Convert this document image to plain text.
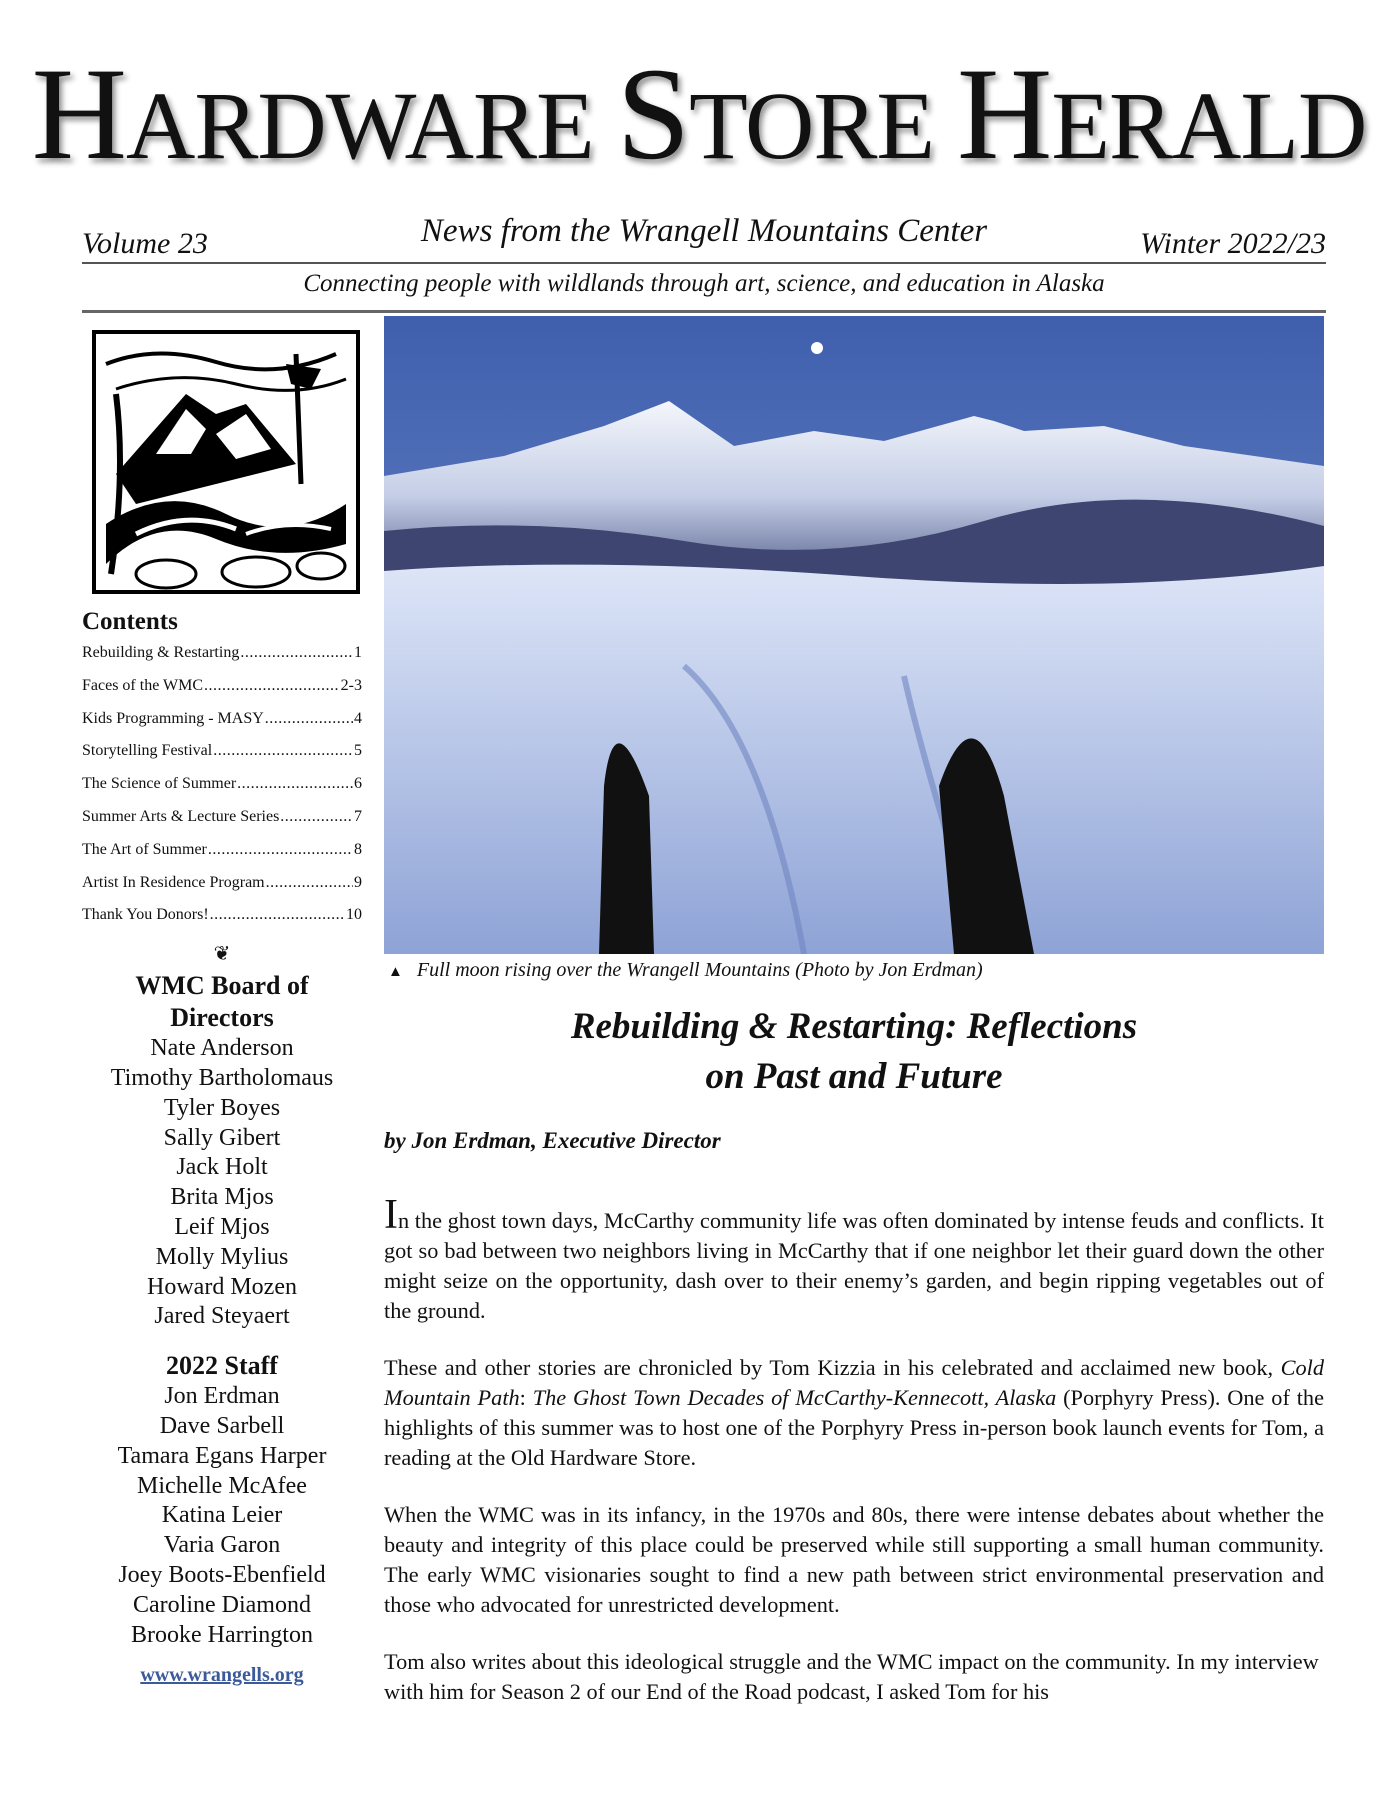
HARDWARE STORE HERALD
Volume 23	News from the Wrangell Mountains Center	Winter 2022/23
Connecting people with wildlands through art, science, and education in Alaska
▲ Full moon rising over the Wrangell Mountains (Photo by Jon Erdman)
Contents
Rebuilding & Restarting .....	1
Faces of the WMC .....	2-3
Kids Programming - MASY .....	4
Storytelling Festival .....	5
The Science of Summer .....	6
Summer Arts & Lecture Series .....	7
The Art of Summer .....	8
Artist In Residence Program .....	9
Thank You Donors! .....	10
❦
WMC Board of
Directors
Nate Anderson
Timothy Bartholomaus
Tyler Boyes
Sally Gibert
Jack Holt
Brita Mjos
Leif Mjos
Molly Mylius
Howard Mozen
Jared Steyaert
2022 Staff
Jon Erdman
Dave Sarbell
Tamara Egans Harper
Michelle McAfee
Katina Leier
Varia Garon
Joey Boots-Ebenfield
Caroline Diamond
Brooke Harrington
www.wrangells.org
Rebuilding & Restarting: Reflections
on Past and Future
by Jon Erdman, Executive Director

In the ghost town days, McCarthy community life was often dominated by intense feuds and conflicts. It got so bad between two neighbors living in McCarthy that if one neighbor let their guard down the other might seize on the opportunity, dash over to their enemy’s garden, and begin ripping vegetables out of the ground.

These and other stories are chronicled by Tom Kizzia in his celebrated and acclaimed new book, Cold Mountain Path: The Ghost Town Decades of McCarthy-Kennecott, Alaska (Porphyry Press). One of the highlights of this summer was to host one of the Porphyry Press in-person book launch events for Tom, a reading at the Old Hardware Store.

When the WMC was in its infancy, in the 1970s and 80s, there were intense debates about whether the beauty and integrity of this place could be preserved while still supporting a small human community. The early WMC visionaries sought to find a new path between strict environmental preservation and those who advocated for unrestricted development.

Tom also writes about this ideological struggle and the WMC impact on the community. In my interview with him for Season 2 of our End of the Road podcast, I asked Tom for his
